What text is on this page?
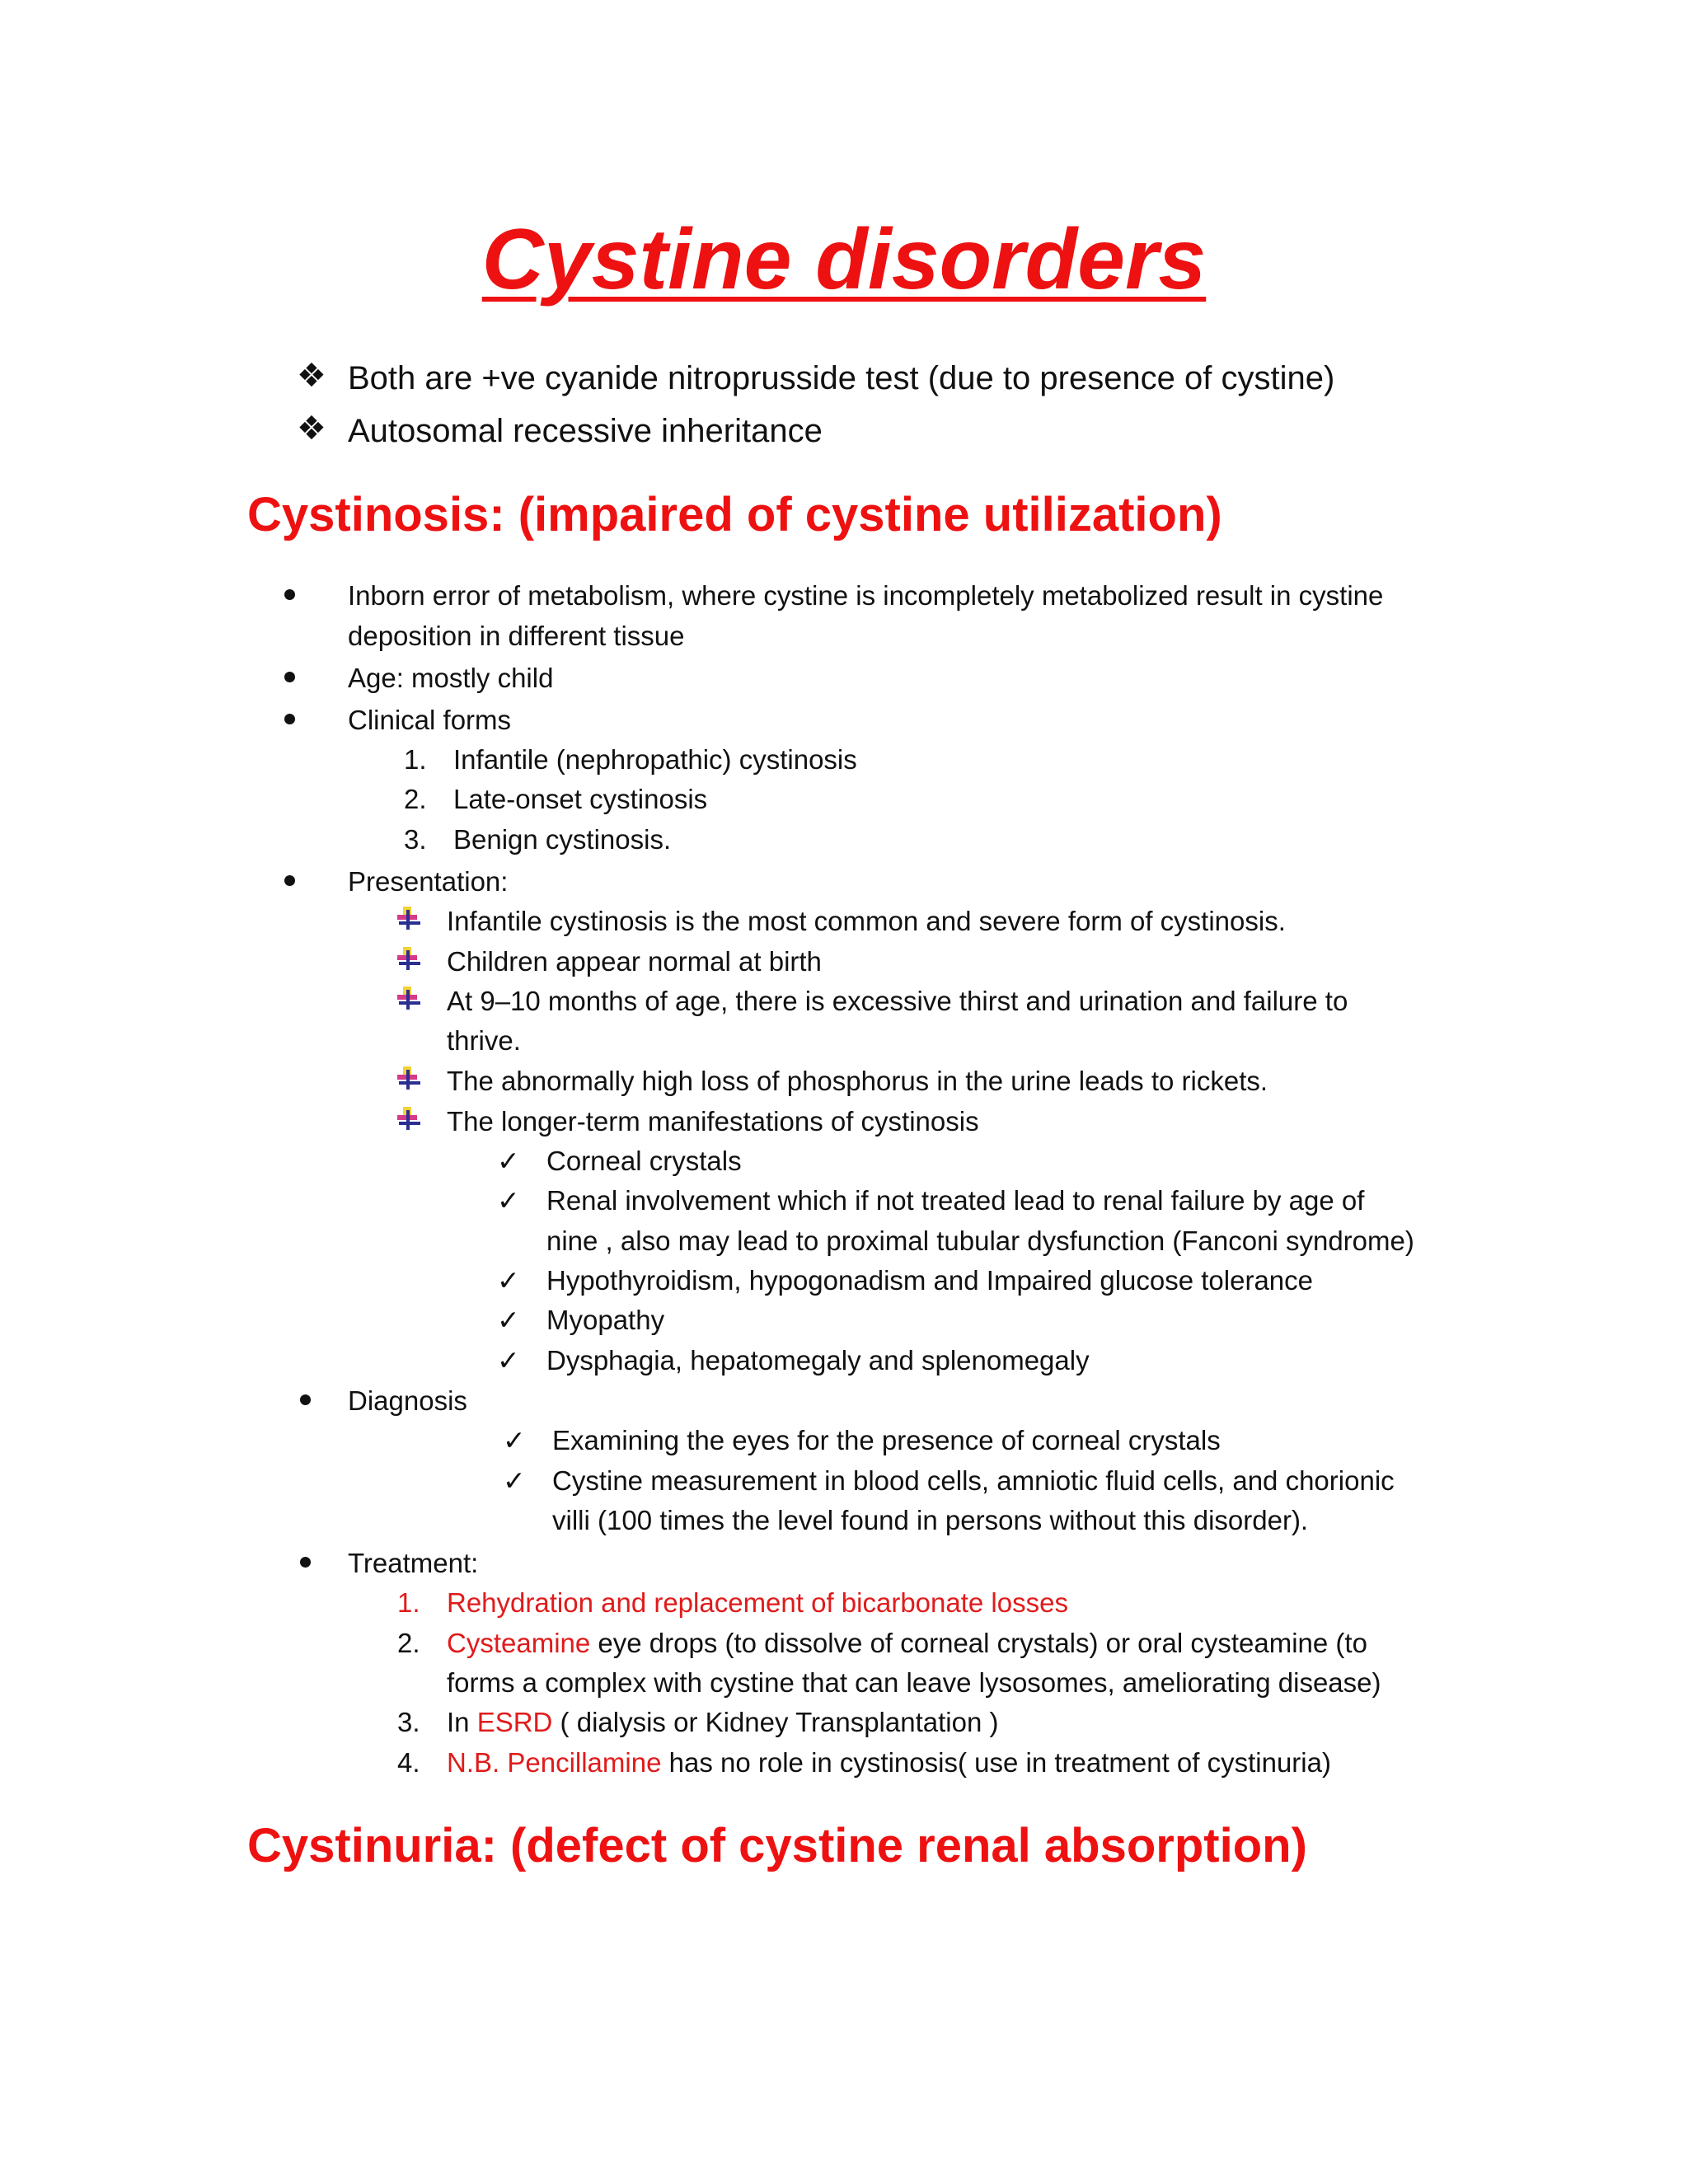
Cystine disorders
❖ Both are +ve cyanide nitroprusside test (due to presence of cystine)
❖ Autosomal recessive inheritance
Cystinosis: (impaired of cystine utilization)
Inborn error of metabolism, where cystine is incompletely metabolized result in cystine
deposition in different tissue
Age: mostly child
Clinical forms
1. Infantile (nephropathic) cystinosis
2. Late-onset cystinosis
3. Benign cystinosis.
Presentation:
Infantile cystinosis is the most common and severe form of cystinosis.
Children appear normal at birth
At 9–10 months of age, there is excessive thirst and urination and failure to
thrive.
The abnormally high loss of phosphorus in the urine leads to rickets.
The longer-term manifestations of cystinosis
✓ Corneal crystals
✓ Renal involvement which if not treated lead to renal failure by age of
nine , also may lead to proximal tubular dysfunction (Fanconi syndrome)
✓ Hypothyroidism, hypogonadism and Impaired glucose tolerance
✓ Myopathy
✓ Dysphagia, hepatomegaly and splenomegaly
Diagnosis
✓ Examining the eyes for the presence of corneal crystals
✓ Cystine measurement in blood cells, amniotic fluid cells, and chorionic
villi (100 times the level found in persons without this disorder).
Treatment:
1. Rehydration and replacement of bicarbonate losses
2. Cysteamine eye drops (to dissolve of corneal crystals) or oral cysteamine (to
forms a complex with cystine that can leave lysosomes, ameliorating disease)
3. In ESRD ( dialysis or Kidney Transplantation )
4. N.B. Pencillamine has no role in cystinosis( use in treatment of cystinuria)
Cystinuria: (defect of cystine renal absorption)
